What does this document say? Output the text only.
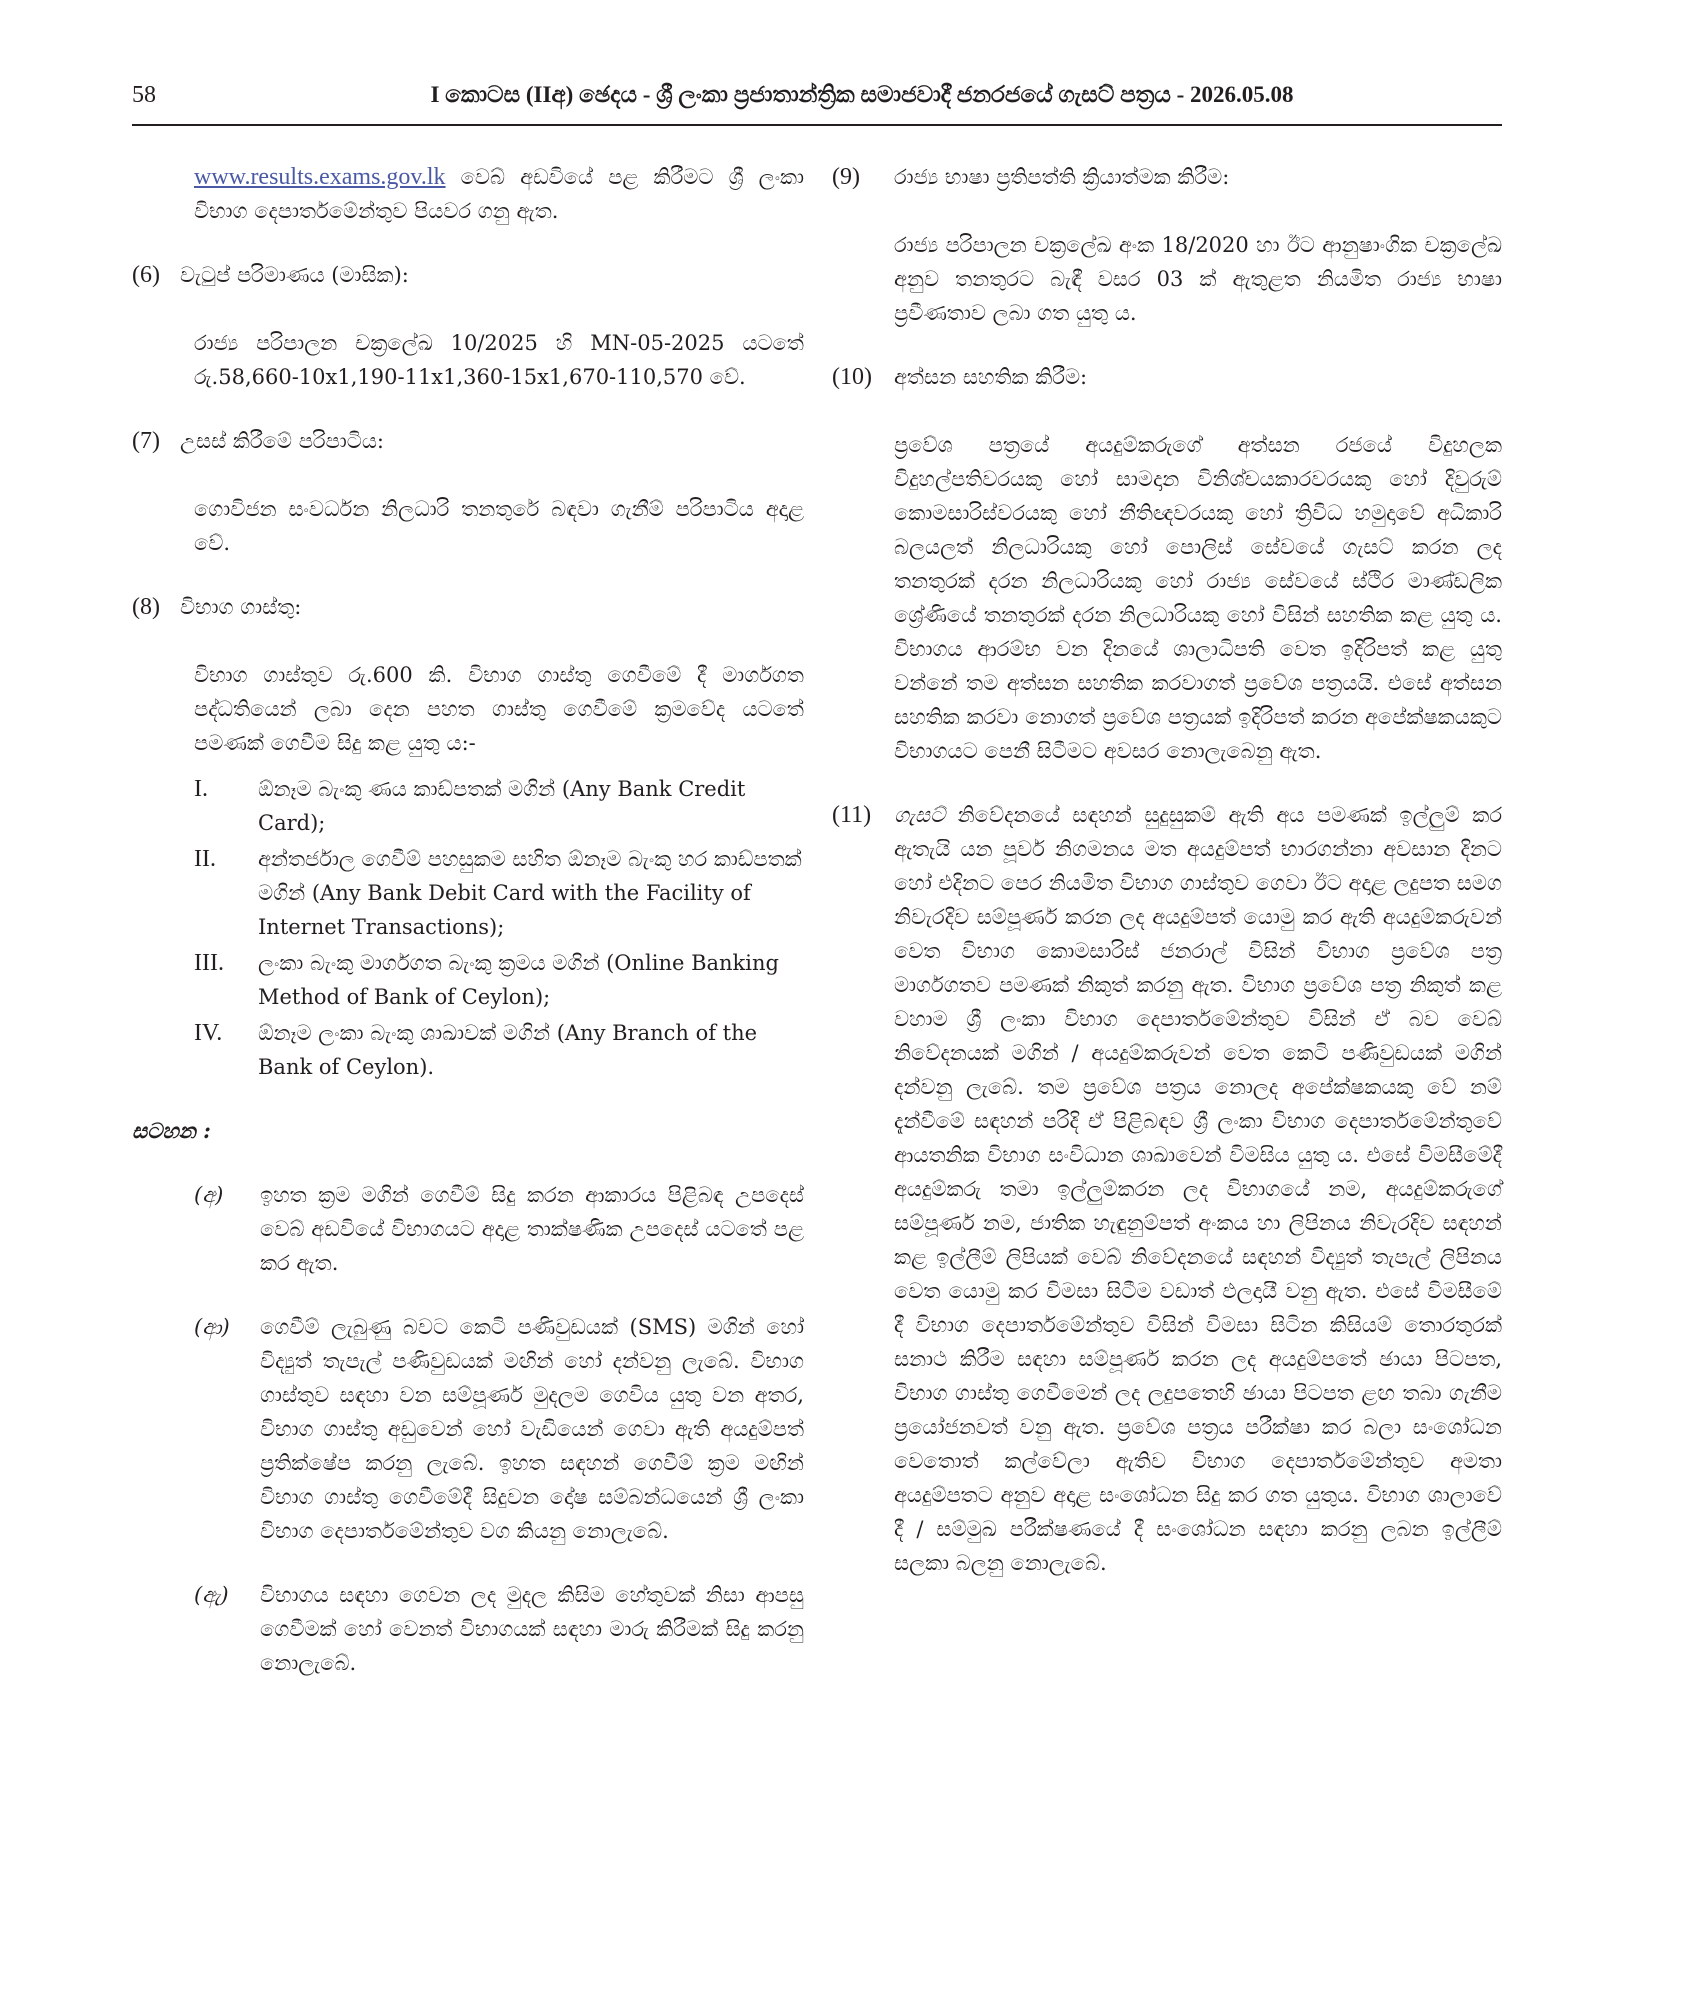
58	I කොටස (IIඅ) ඡෙදය - ශ්‍රී ලංකා ප්‍රජාතාන්ත්‍රික සමාජවාදී ජනරජයේ ගැසට් පත්‍රය - 2026.05.08
www.results.exams.gov.lk වෙබ් අඩවියේ පළ කිරීමට ශ්‍රී ලංකා විභාග දෙපාර්තමේන්තුව පියවර ගනු ඇත.
(6) වැටුප් පරිමාණය (මාසික):
රාජ්‍ය පරිපාලන චක්‍රලේඛ 10/2025 හි MN-05-2025 යටතේ රු.58,660-10x1,190-11x1,360-15x1,670-110,570 වේ.
(7) උසස් කිරීමේ පරිපාටිය:
ගොවිජන සංවර්ධන නිලධාරි තනතුරේ බඳවා ගැනීම් පරිපාටිය අදාළ වේ.
(8) විභාග ගාස්තු:
විභාග ගාස්තුව රු.600 කි. විභාග ගාස්තු ගෙවීමේ දී මාර්ගගත පද්ධතියෙන් ලබා දෙන පහත ගාස්තු ගෙවීමේ ක්‍රමවේද යටතේ පමණක් ගෙවීම සිදු කළ යුතු ය:-
I.	ඕනෑම බැංකු ණය කාඩ්පතක් මගින් (Any Bank Credit Card);
II.	අන්තර්ජාල ගෙවීම් පහසුකම සහිත ඕනෑම බැංකු හර කාඩ්පතක් මගින් (Any Bank Debit Card with the Facility of Internet Transactions);
III.	ලංකා බැංකු මාර්ගගත බැංකු ක්‍රමය මගින් (Online Banking Method of Bank of Ceylon);
IV.	ඕනෑම ලංකා බැංකු ශාඛාවක් මගින් (Any Branch of the Bank of Ceylon).
සටහන :
(අ)	ඉහත ක්‍රම මගින් ගෙවීම් සිදු කරන ආකාරය පිළිබඳ උපදෙස් වෙබ් අඩවියේ විභාගයට අදාළ තාක්ෂණික උපදෙස් යටතේ පළ කර ඇත.
(ආ)	ගෙවීම් ලැබුණු බවට කෙටි පණිවුඩයක් (SMS) මගින් හෝ විද්‍යුත් තැපැල් පණිවුඩයක් මඟින් හෝ දන්වනු ලැබේ. විභාග ගාස්තුව සඳහා වන සම්පූර්ණ මුදලම ගෙවිය යුතු වන අතර, විභාග ගාස්තු අඩුවෙන් හෝ වැඩියෙන් ගෙවා ඇති අයදුම්පත් ප්‍රතික්ෂේප කරනු ලැබේ. ඉහත සඳහන් ගෙවීම් ක්‍රම මඟින් විභාග ගාස්තු ගෙවීමේදී සිදුවන දෝෂ සම්බන්ධයෙන් ශ්‍රී ලංකා විභාග දෙපාර්තමේන්තුව වග කියනු නොලැබේ.
(ඇ)	විභාගය සඳහා ගෙවන ලද මුදල කිසිම හේතුවක් නිසා ආපසු ගෙවීමක් හෝ වෙනත් විභාගයක් සඳහා මාරු කිරීමක් සිදු කරනු නොලැබේ.
(9)	රාජ්‍ය භාෂා ප්‍රතිපත්ති ක්‍රියාත්මක කිරීම:
රාජ්‍ය පරිපාලන චක්‍රලේඛ අංක 18/2020 හා ඊට ආනුෂාංගික චක්‍රලේඛ අනුව තනතුරට බැඳී වසර 03 ක් ඇතුළත නියමිත රාජ්‍ය භාෂා ප්‍රවීණතාව ලබා ගත යුතු ය.
(10)	අත්සන සහතික කිරීම:
ප්‍රවේශ පත්‍රයේ අයදුම්කරුගේ අත්සන රජයේ විදුහලක විදුහල්පතිවරයකු හෝ සාමදාන විනිශ්චයකාරවරයකු හෝ දිවුරුම් කොමසාරිස්වරයකු හෝ නීතිඥවරයකු හෝ ත්‍රිවිධ හමුදාවේ අධිකාරි බලයලත් නිලධාරියකු හෝ පොලිස් සේවයේ ගැසට් කරන ලද තනතුරක් දරන නිලධාරියකු හෝ රාජ්‍ය සේවයේ ස්ථිර මාණ්ඩලික ශ්‍රේණියේ තනතුරක් දරන නිලධාරියකු හෝ විසින් සහතික කළ යුතු ය. විභාගය ආරම්භ වන දිනයේ ශාලාධිපති වෙත ඉදිරිපත් කළ යුතු වන්නේ තම අත්සන සහතික කරවාගත් ප්‍රවේශ පත්‍රයයි. එසේ අත්සන සහතික කරවා නොගත් ප්‍රවේශ පත්‍රයක් ඉදිරිපත් කරන අපේක්ෂකයකුට විභාගයට පෙනී සිටීමට අවසර නොලැබෙනු ඇත.
(11)	ගැසට් නිවේදනයේ සඳහන් සුදුසුකම් ඇති අය පමණක් ඉල්ලුම් කර ඇතැයි යන පූර්ව නිගමනය මත අයදුම්පත් භාරගන්නා අවසාන දිනට හෝ එදිනට පෙර නියමිත විභාග ගාස්තුව ගෙවා ඊට අදාළ ලදුපත සමග නිවැරදිව සම්පූර්ණ කරන ලද අයදුම්පත් යොමු කර ඇති අයදුම්කරුවන් වෙත විභාග කොමසාරිස් ජනරාල් විසින් විභාග ප්‍රවේශ පත්‍ර මාර්ගගතව පමණක් නිකුත් කරනු ඇත. විභාග ප්‍රවේශ පත්‍ර නිකුත් කළ වහාම ශ්‍රී ලංකා විභාග දෙපාර්තමේන්තුව විසින් ඒ බව වෙබ් නිවේදනයක් මගින් / අයදුම්කරුවන් වෙත කෙටි පණිවුඩයක් මගින් දන්වනු ලැබේ. තම ප්‍රවේශ පත්‍රය නොලද අපේක්ෂකයකු වේ නම් දැන්වීමේ සඳහන් පරිදි ඒ පිළිබඳව ශ්‍රී ලංකා විභාග දෙපාර්තමේන්තුවේ ආයතනික විභාග සංවිධාන ශාඛාවෙන් විමසිය යුතු ය. එසේ විමසීමේදී අයදුම්කරු තමා ඉල්ලුම්කරන ලද විභාගයේ නම, අයදුම්කරුගේ සම්පූර්ණ නම, ජාතික හැඳුනුම්පත් අංකය හා ලිපිනය නිවැරදිව සඳහන් කළ ඉල්ලීම් ලිපියක් වෙබ් නිවේදනයේ සඳහන් විද්‍යුත් තැපැල් ලිපිනය වෙත යොමු කර විමසා සිටීම වඩාත් ඵලදායී වනු ඇත. එසේ විමසීමේ දී විභාග දෙපාර්තමේන්තුව විසින් විමසා සිටින කිසියම් තොරතුරක් සනාථ කිරීම සඳහා සම්පූර්ණ කරන ලද අයදුම්පතේ ඡායා පිටපත, විභාග ගාස්තු ගෙවීමෙන් ලද ලදුපතෙහි ඡායා පිටපත ළඟ තබා ගැනීම ප්‍රයෝජනවත් වනු ඇත. ප්‍රවේශ පත්‍රය පරීක්ෂා කර බලා සංශෝධන වෙතොත් කල්වේලා ඇතිව විභාග දෙපාර්තමේන්තුව අමතා අයදුම්පතට අනුව අදාළ සංශෝධන සිදු කර ගත යුතුය. විභාග ශාලාවේ දී / සම්මුඛ පරීක්ෂණයේ දී සංශෝධන සඳහා කරනු ලබන ඉල්ලීම් සලකා බලනු නොලැබේ.
